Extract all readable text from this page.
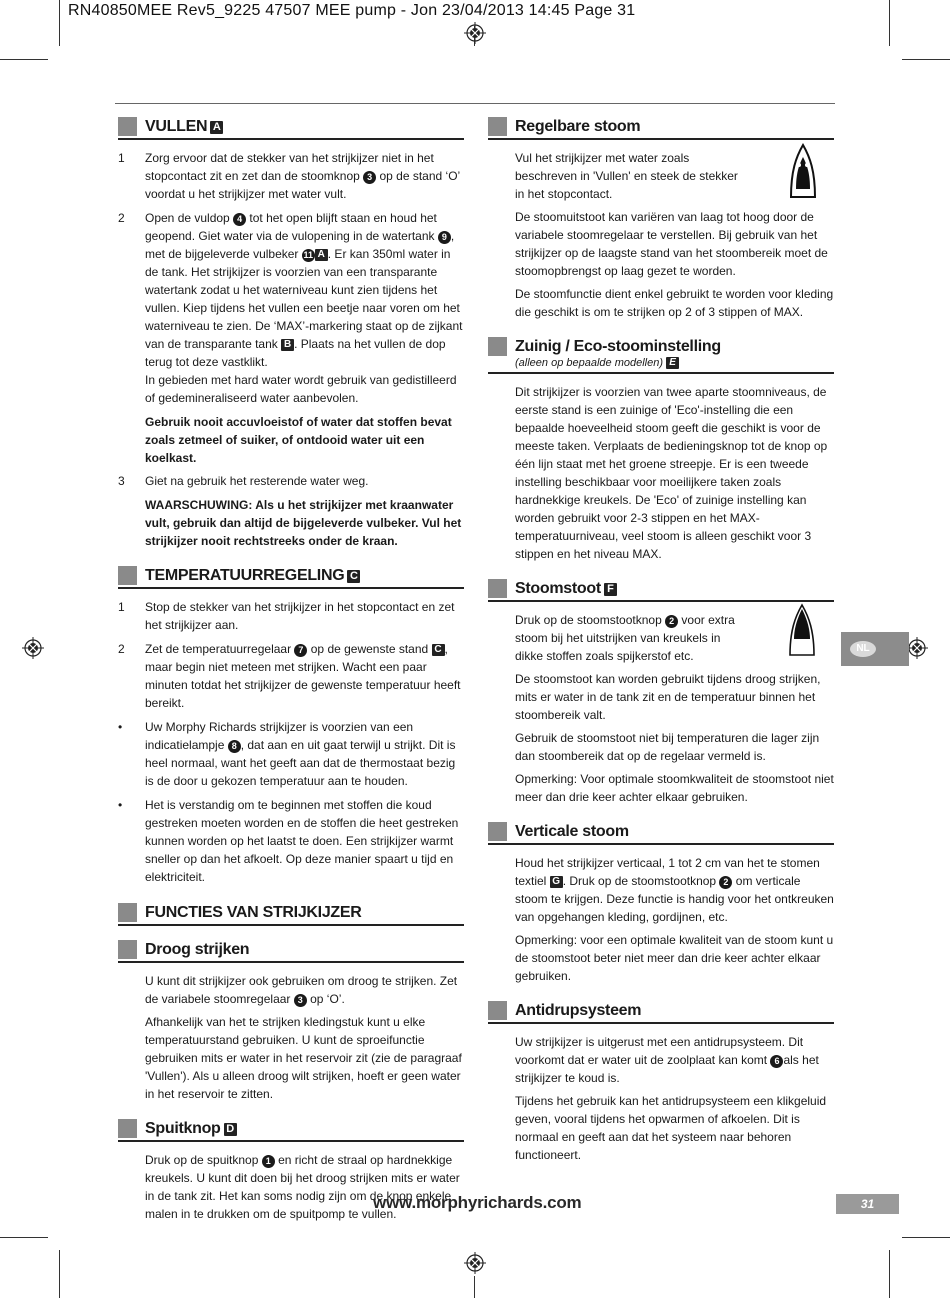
RN40850MEE Rev5_9225 47507 MEE pump - Jon 23/04/2013 14:45 Page 31
VULLEN A
1 Zorg ervoor dat de stekker van het strijkijzer niet in het stopcontact zit en zet dan de stoomknop 3 op de stand ‘O’ voordat u het strijkijzer met water vult.
2 Open de vuldop 4 tot het open blijft staan en houd het geopend. Giet water via de vulopening in de watertank 9 , met de bijgeleverde vulbeker 11 A . Er kan 350ml water in de tank. Het strijkijzer is voorzien van een transparante watertank zodat u het waterniveau kunt zien tijdens het vullen. Kiep tijdens het vullen een beetje naar voren om het waterniveau te zien. De ‘MAX’-markering staat op de zijkant van de transparante tank B . Plaats na het vullen de dop terug tot deze vastklikt.
In gebieden met hard water wordt gebruik van gedistilleerd of gedemineraliseerd water aanbevolen.

Gebruik nooit accuvloeistof of water dat stoffen bevat zoals zetmeel of suiker, of ontdooid water uit een koelkast.

3 Giet na gebruik het resterende water weg.

WAARSCHUWING: Als u het strijkijzer met kraanwater vult, gebruik dan altijd de bijgeleverde vulbeker. Vul het strijkijzer nooit rechtstreeks onder de kraan.

TEMPERATUURREGELING C
1 Stop de stekker van het strijkijzer in het stopcontact en zet het strijkijzer aan.
2 Zet de temperatuurregelaar 7 op de gewenste stand C , maar begin niet meteen met strijken. Wacht een paar minuten totdat het strijkijzer de gewenste temperatuur heeft bereikt.
• Uw Morphy Richards strijkijzer is voorzien van een indicatielampje 8 , dat aan en uit gaat terwijl u strijkt. Dit is heel normaal, want het geeft aan dat de thermostaat bezig is de door u gekozen temperatuur aan te houden.
• Het is verstandig om te beginnen met stoffen die koud gestreken moeten worden en de stoffen die heet gestreken kunnen worden op het laatst te doen. Een strijkijzer warmt sneller op dan het afkoelt. Op deze manier spaart u tijd en elektriciteit.
FUNCTIES VAN STRIJKIJZER
Droog strijken

U kunt dit strijkijzer ook gebruiken om droog te strijken. Zet de variabele stoomregelaar 3 op ‘O’.

Afhankelijk van het te strijken kledingstuk kunt u elke temperatuurstand gebruiken. U kunt de sproeifunctie gebruiken mits er water in het reservoir zit (zie de paragraaf 'Vullen'). Als u alleen droog wilt strijken, hoeft er geen water in het reservoir te zitten.

Spuitknop D

Druk op de spuitknop 1 en richt de straal op hardnekkige kreukels. U kunt dit doen bij het droog strijken mits er water in de tank zit. Het kan soms nodig zijn om de knop enkele malen in te drukken om de spuitpomp te vullen.

Regelbare stoom

Vul het strijkijzer met water zoals beschreven in 'Vullen' en steek de stekker in het stopcontact.

De stoomuitstoot kan variëren van laag tot hoog door de variabele stoomregelaar te verstellen. Bij gebruik van het strijkijzer op de laagste stand van het stoombereik moet de stoomopbrengst op laag gezet te worden.

De stoomfunctie dient enkel gebruikt te worden voor kleding die geschikt is om te strijken op 2 of 3 stippen of MAX.

Zuinig / Eco-stoominstelling
(alleen op bepaalde modellen) E

Dit strijkijzer is voorzien van twee aparte stoomniveaus, de eerste stand is een zuinige of 'Eco'-instelling die een bepaalde hoeveelheid stoom geeft die geschikt is voor de meeste taken. Verplaats de bedieningsknop tot de knop op één lijn staat met het groene streepje. Er is een tweede instelling beschikbaar voor moeilijkere taken zoals hardnekkige kreukels. De 'Eco' of zuinige instelling kan worden gebruikt voor 2-3 stippen en het MAX-temperatuurniveau, veel stoom is alleen geschikt voor 3 stippen en het niveau MAX.

Stoomstoot F

Druk op de stoomstootknop 2 voor extra stoom bij het uitstrijken van kreukels in dikke stoffen zoals spijkerstof etc.

De stoomstoot kan worden gebruikt tijdens droog strijken, mits er water in de tank zit en de temperatuur binnen het stoombereik valt.

Gebruik de stoomstoot niet bij temperaturen die lager zijn dan stoombereik dat op de regelaar vermeld is.

Opmerking: Voor optimale stoomkwaliteit de stoomstoot niet meer dan drie keer achter elkaar gebruiken.

Verticale stoom

Houd het strijkijzer verticaal, 1 tot 2 cm van het te stomen textiel G . Druk op de stoomstootknop 2 om verticale stoom te krijgen. Deze functie is handig voor het ontkreuken van opgehangen kleding, gordijnen, etc.

Opmerking: voor een optimale kwaliteit van de stoom kunt u de stoomstoot beter niet meer dan drie keer achter elkaar gebruiken.

Antidrupsysteem

Uw strijkijzer is uitgerust met een antidrupsysteem. Dit voorkomt dat er water uit de zoolplaat kan komt 6 als het strijkijzer te koud is.

Tijdens het gebruik kan het antidrupsysteem een klikgeluid geven, vooral tijdens het opwarmen of afkoelen. Dit is normaal en geeft aan dat het systeem naar behoren functioneert.

NL
www.morphyrichards.com	31
